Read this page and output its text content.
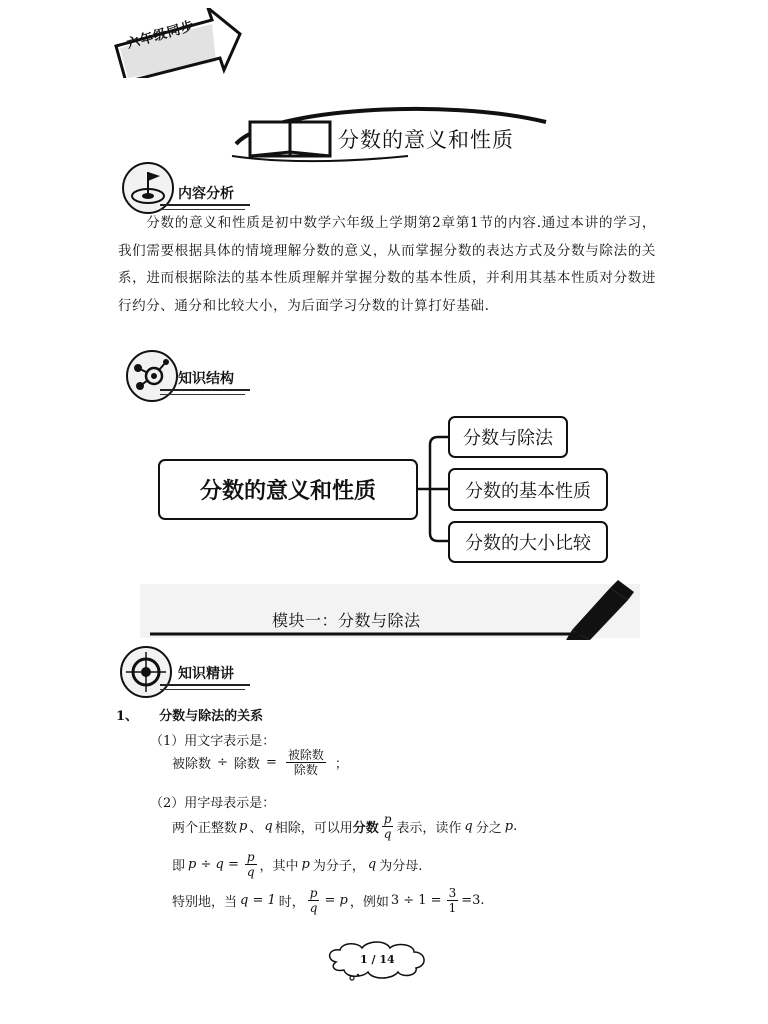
六年级同步
分数的意义和性质
内容分析
分数的意义和性质是初中数学六年级上学期第2章第1节的内容.通过本讲的学习，我们需要根据具体的情境理解分数的意义，从而掌握分数的表达方式及分数与除法的关系，进而根据除法的基本性质理解并掌握分数的基本性质，并利用其基本性质对分数进行约分、通分和比较大小，为后面学习分数的计算打好基础.
知识结构
分数的意义和性质
分数与除法
分数的基本性质
分数的大小比较
模块一：分数与除法
知识精讲
1、 分数与除法的关系
（1）用文字表示是：
被除数 ÷ 除数 = $\frac{\text{被除数}}{\text{除数}}$ ；
（2）用字母表示是：
两个正整数 p 、 q 相除，可以用 分数 $\frac{p}{q}$ 表示，读作 q 分之 p .
即 $p \div q = \frac{p}{q}$ ，其中 p 为分子， q 为分母.
特别地，当 q = 1 时， $\frac{p}{q} = p$ ，例如 $3 \div 1 = \frac{3}{1} =3$.
1 / 14
